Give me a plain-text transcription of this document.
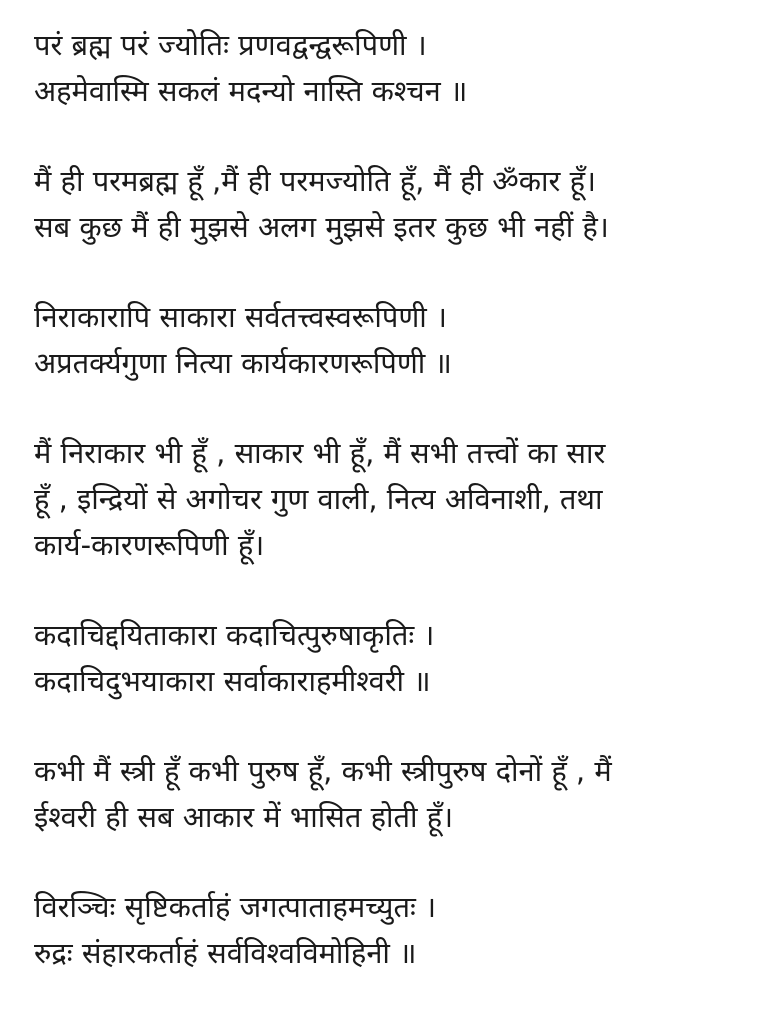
परं ब्रह्म परं ज्योतिः प्रणवद्वन्द्वरूपिणी ।
अहमेवास्मि सकलं मदन्यो नास्ति कश्चन ॥
मैं ही परमब्रह्म हूँ ,मैं ही परमज्योति हूँ, मैं ही ॐकार हूँ।
सब कुछ मैं ही मुझसे अलग मुझसे इतर कुछ भी नहीं है।
निराकारापि साकारा सर्वतत्त्वस्वरूपिणी ।
अप्रतर्क्यगुणा नित्या कार्यकारणरूपिणी ॥
मैं निराकार भी हूँ , साकार भी हूँ, मैं सभी तत्त्वों का सार
हूँ , इन्द्रियों से अगोचर गुण वाली, नित्य अविनाशी, तथा
कार्य-कारणरूपिणी हूँ।
कदाचिद्दयिताकारा कदाचित्पुरुषाकृतिः ।
कदाचिदुभयाकारा सर्वाकाराहमीश्वरी ॥
कभी मैं स्त्री हूँ कभी पुरुष हूँ, कभी स्त्रीपुरुष दोनों हूँ , मैं
ईश्वरी ही सब आकार में भासित होती हूँ।
विरञ्चिः सृष्टिकर्ताहं जगत्पाताहमच्युतः ।
रुद्रः संहारकर्ताहं सर्वविश्वविमोहिनी ॥
